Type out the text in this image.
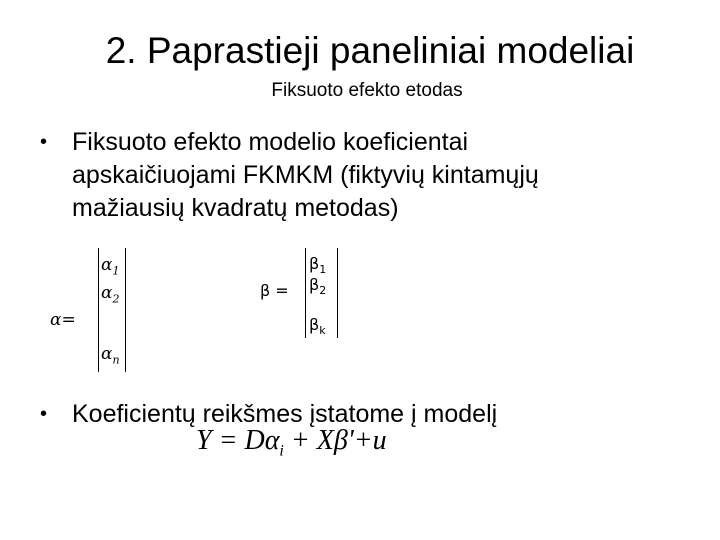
2. Paprastieji paneliniai modeliai
Fiksuoto efekto etodas
• Fiksuoto efekto modelio koeficientai
apskaičiuojami FKMKM (fiktyvių kintamųjų
mažiausių kvadratų metodas)
α=
$\alpha_1$
$\alpha_2$
$\alpha_n$
β =
$\beta_1$
$\beta_2$
$\beta_k$
• Koeficientų reikšmes įstatome į modelį
$Y = D\alpha_i + X\beta'+u$
